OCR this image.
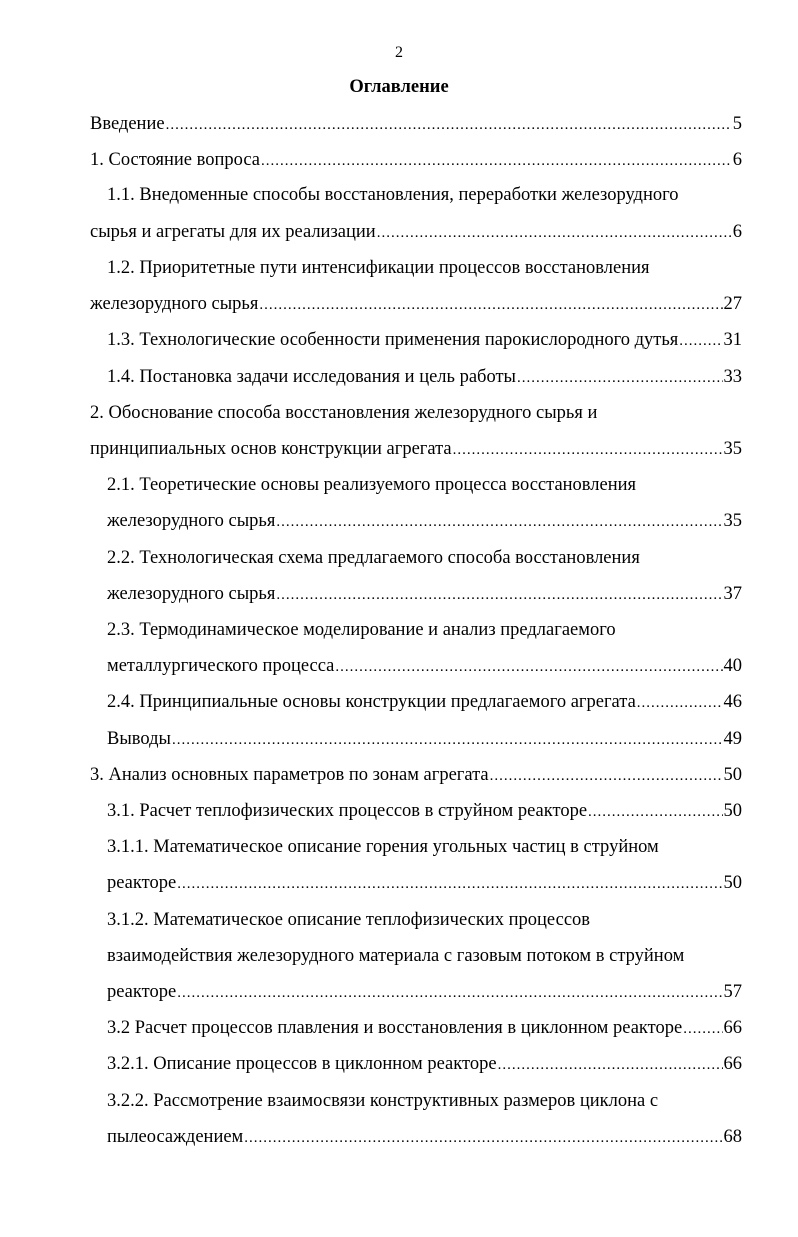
2
Оглавление
Введение .....	5
1. Состояние вопроса .....	6
1.1. Внедоменные способы восстановления, переработки железорудного
сырья и агрегаты для их реализации .....	6
1.2. Приоритетные пути интенсификации процессов восстановления
железорудного сырья .....	27
1.3. Технологические особенности применения парокислородного дутья ..... 31
1.4. Постановка задачи исследования и цель работы .....	33
2. Обоснование способа восстановления железорудного сырья и
принципиальных основ конструкции агрегата .....	35
2.1. Теоретические основы реализуемого процесса восстановления
железорудного сырья .....	35
2.2. Технологическая схема предлагаемого способа восстановления
железорудного сырья .....	37
2.3. Термодинамическое моделирование и анализ предлагаемого
металлургического процесса .....	40
2.4. Принципиальные основы конструкции предлагаемого агрегата .....	46
Выводы .....	49
3. Анализ основных параметров по зонам агрегата .....	50
3.1. Расчет теплофизических процессов в струйном реакторе .....	50
3.1.1. Математическое описание горения угольных частиц в струйном
реакторе .....	50
3.1.2. Математическое описание теплофизических процессов
взаимодействия железорудного материала с газовым потоком в струйном
реакторе .....	57
3.2 Расчет процессов плавления и восстановления в циклонном реакторе ..... 66
3.2.1. Описание процессов в циклонном реакторе .....	66
3.2.2. Рассмотрение взаимосвязи конструктивных размеров циклона с
пылеосаждением .....	68
